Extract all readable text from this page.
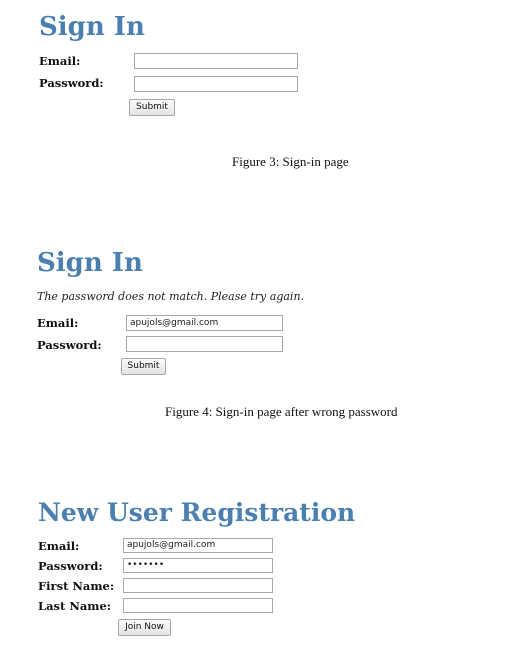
Sign In
Email:
Password:
Submit
Figure 3: Sign-in page
Sign In
The password does not match. Please try again.
Email:	apujols@gmail.com
Password:
Submit
Figure 4: Sign-in page after wrong password
New User Registration
Email:	apujols@gmail.com
Password:	•••••••
First Name:
Last Name:
Join Now
